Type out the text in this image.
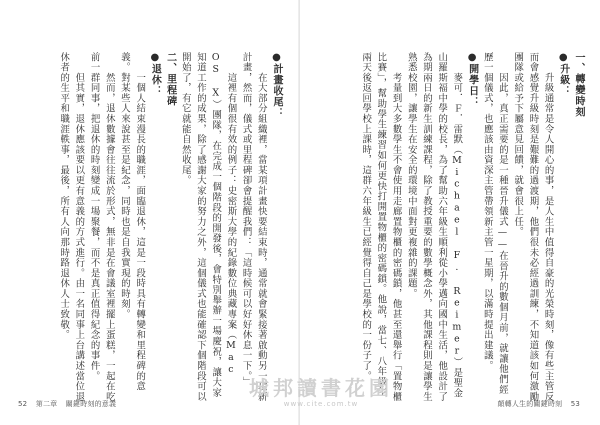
●計畫收尾：
　　在大部分組織裡，當某項計畫快要結束時，通常就會緊接著啟動另一項新計畫，然而，儀式或里程碑卻會提醒我們：「這時候可以好好休息一下。」
　　這裡有個很有效的例子：史密斯大學的紀錄數位典藏專案（Mac OS X）團隊，在完成一個階段的開發後，會特別舉辦一場慶祝，讓大家知道工作的成果，除了感謝大家的努力之外，這個儀式也能確認下個階段可以開始了，有它就能自然收尾。
二、里程碑
●退休：
　　一個人結束漫長的職涯，面臨退休，這是一段時具有轉變和里程碑的意義。對某些人來說甚至是紀念，同時也是自我實現的時刻。
　　然而，退休數據會往往流於形式，無非是在會議室裡擺上蛋糕，一起在吃前一群同事，把退休的時刻變成一場聚餐，而不是真正值得紀念的事件。
　　但其實，退休應該要以更有意義的方式進行。由一名同事上台講述當位退休者的生平和職涯軼事，最後，所有人向那時路退休人士致敬。
52 第二章 關鍵時刻的意義
一、轉變時刻
●升級：
　　升級通常是令人開心的事，是人生中值得自豪的光榮時刻，像有些主管反而會感覺升級時刻是艱難的過渡期，他們很未必經過訓練，不知道該如何激勵團隊或給予下屬意見回饋，就會很上任。
　　因此，真正需要的是一種晉升儀式——在晉升的數個月前，就讓他們經歷一個儀式，也應該由資深主管帶領新主管一星期，以滿時提出建議。
●開學日：
　　麥可．Ｆ．雷默（Michael F. Reimer）是聖金山羅斯福中學的校長，為了幫助六年級生順利從小學邁向國中生活，他設計了為期兩日的新生訓練課程，除了教授重要的數學概念外，其他課程則是讓學生熟悉校園，讓學生在安全的環境中面對更複雜的課題。
　　考量到大多數學生不會使用走廊置物櫃的密碼鎖，他甚至還舉行「置物櫃比賽」，幫助學生練習如何更快打開置物櫃的密碼鎖。他說，當七、八年級生兩天後返回學校上課時，這群六年級生已經覺得自己是學校的一份子了。
顛轉人生的關鍵時刻 53
城邦讀書花園
www.cite.com.tw
